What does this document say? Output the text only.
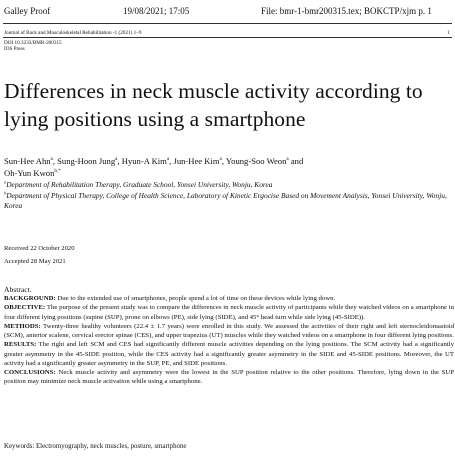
Galley Proof	19/08/2021; 17:05	File: bmr-1-bmr200315.tex; BOKCTP/xjm p. 1
Journal of Back and Musculoskeletal Rehabilitation -1 (2021) 1–9	1
DOI 10.3233/BMR-200315
IOS Press
Differences in neck muscle activity according to lying positions using a smartphone
Sun-Hee Ahn$^a$, Sung-Hoon Jung$^a$, Hyun-A Kim$^a$, Jun-Hee Kim$^a$, Young-Soo Weon$^a$ and
Oh-Yun Kwon$^{b,*}$
$^a$Department of Rehabilitation Therapy, Graduate School, Yonsei University, Wonju, Korea
$^b$Department of Physical Therapy, College of Health Science, Laboratory of Kinetic Ergocise Based on Movement Analysis, Yonsei University, Wonju, Korea
Received 22 October 2020
Accepted 28 May 2021
Abstract.

BACKGROUND: Due to the extended use of smartphones, people spend a lot of time on these devices while lying down.

OBJECTIVE: The purpose of the present study was to compare the differences in neck muscle activity of participants while they watched videos on a smartphone in four different lying positions (supine (SUP), prone on elbows (PE), side lying (SIDE), and 45° head turn while side lying (45-SIDE)).

METHODS: Twenty-three healthy volunteers (22.4 ± 1.7 years) were enrolled in this study. We assessed the activities of their right and left sternocleidomastoid (SCM), anterior scalene, cervical erector spinae (CES), and upper trapezius (UT) muscles while they watched videos on a smartphone in four different lying positions.

RESULTS: The right and left SCM and CES had significantly different muscle activities depending on the lying positions. The SCM activity had a significantly greater asymmetry in the 45-SIDE position, while the CES activity had a significantly greater asymmetry in the SIDE and 45-SIDE positions. Moreover, the UT activity had a significantly greater asymmetry in the SUP, PE, and SIDE positions.

CONCLUSIONS: Neck muscle activity and asymmetry were the lowest in the SUP position relative to the other positions. Therefore, lying down in the SUP position may minimize neck muscle activation while using a smartphone.

Keywords: Electromyography, neck muscles, posture, smartphone
